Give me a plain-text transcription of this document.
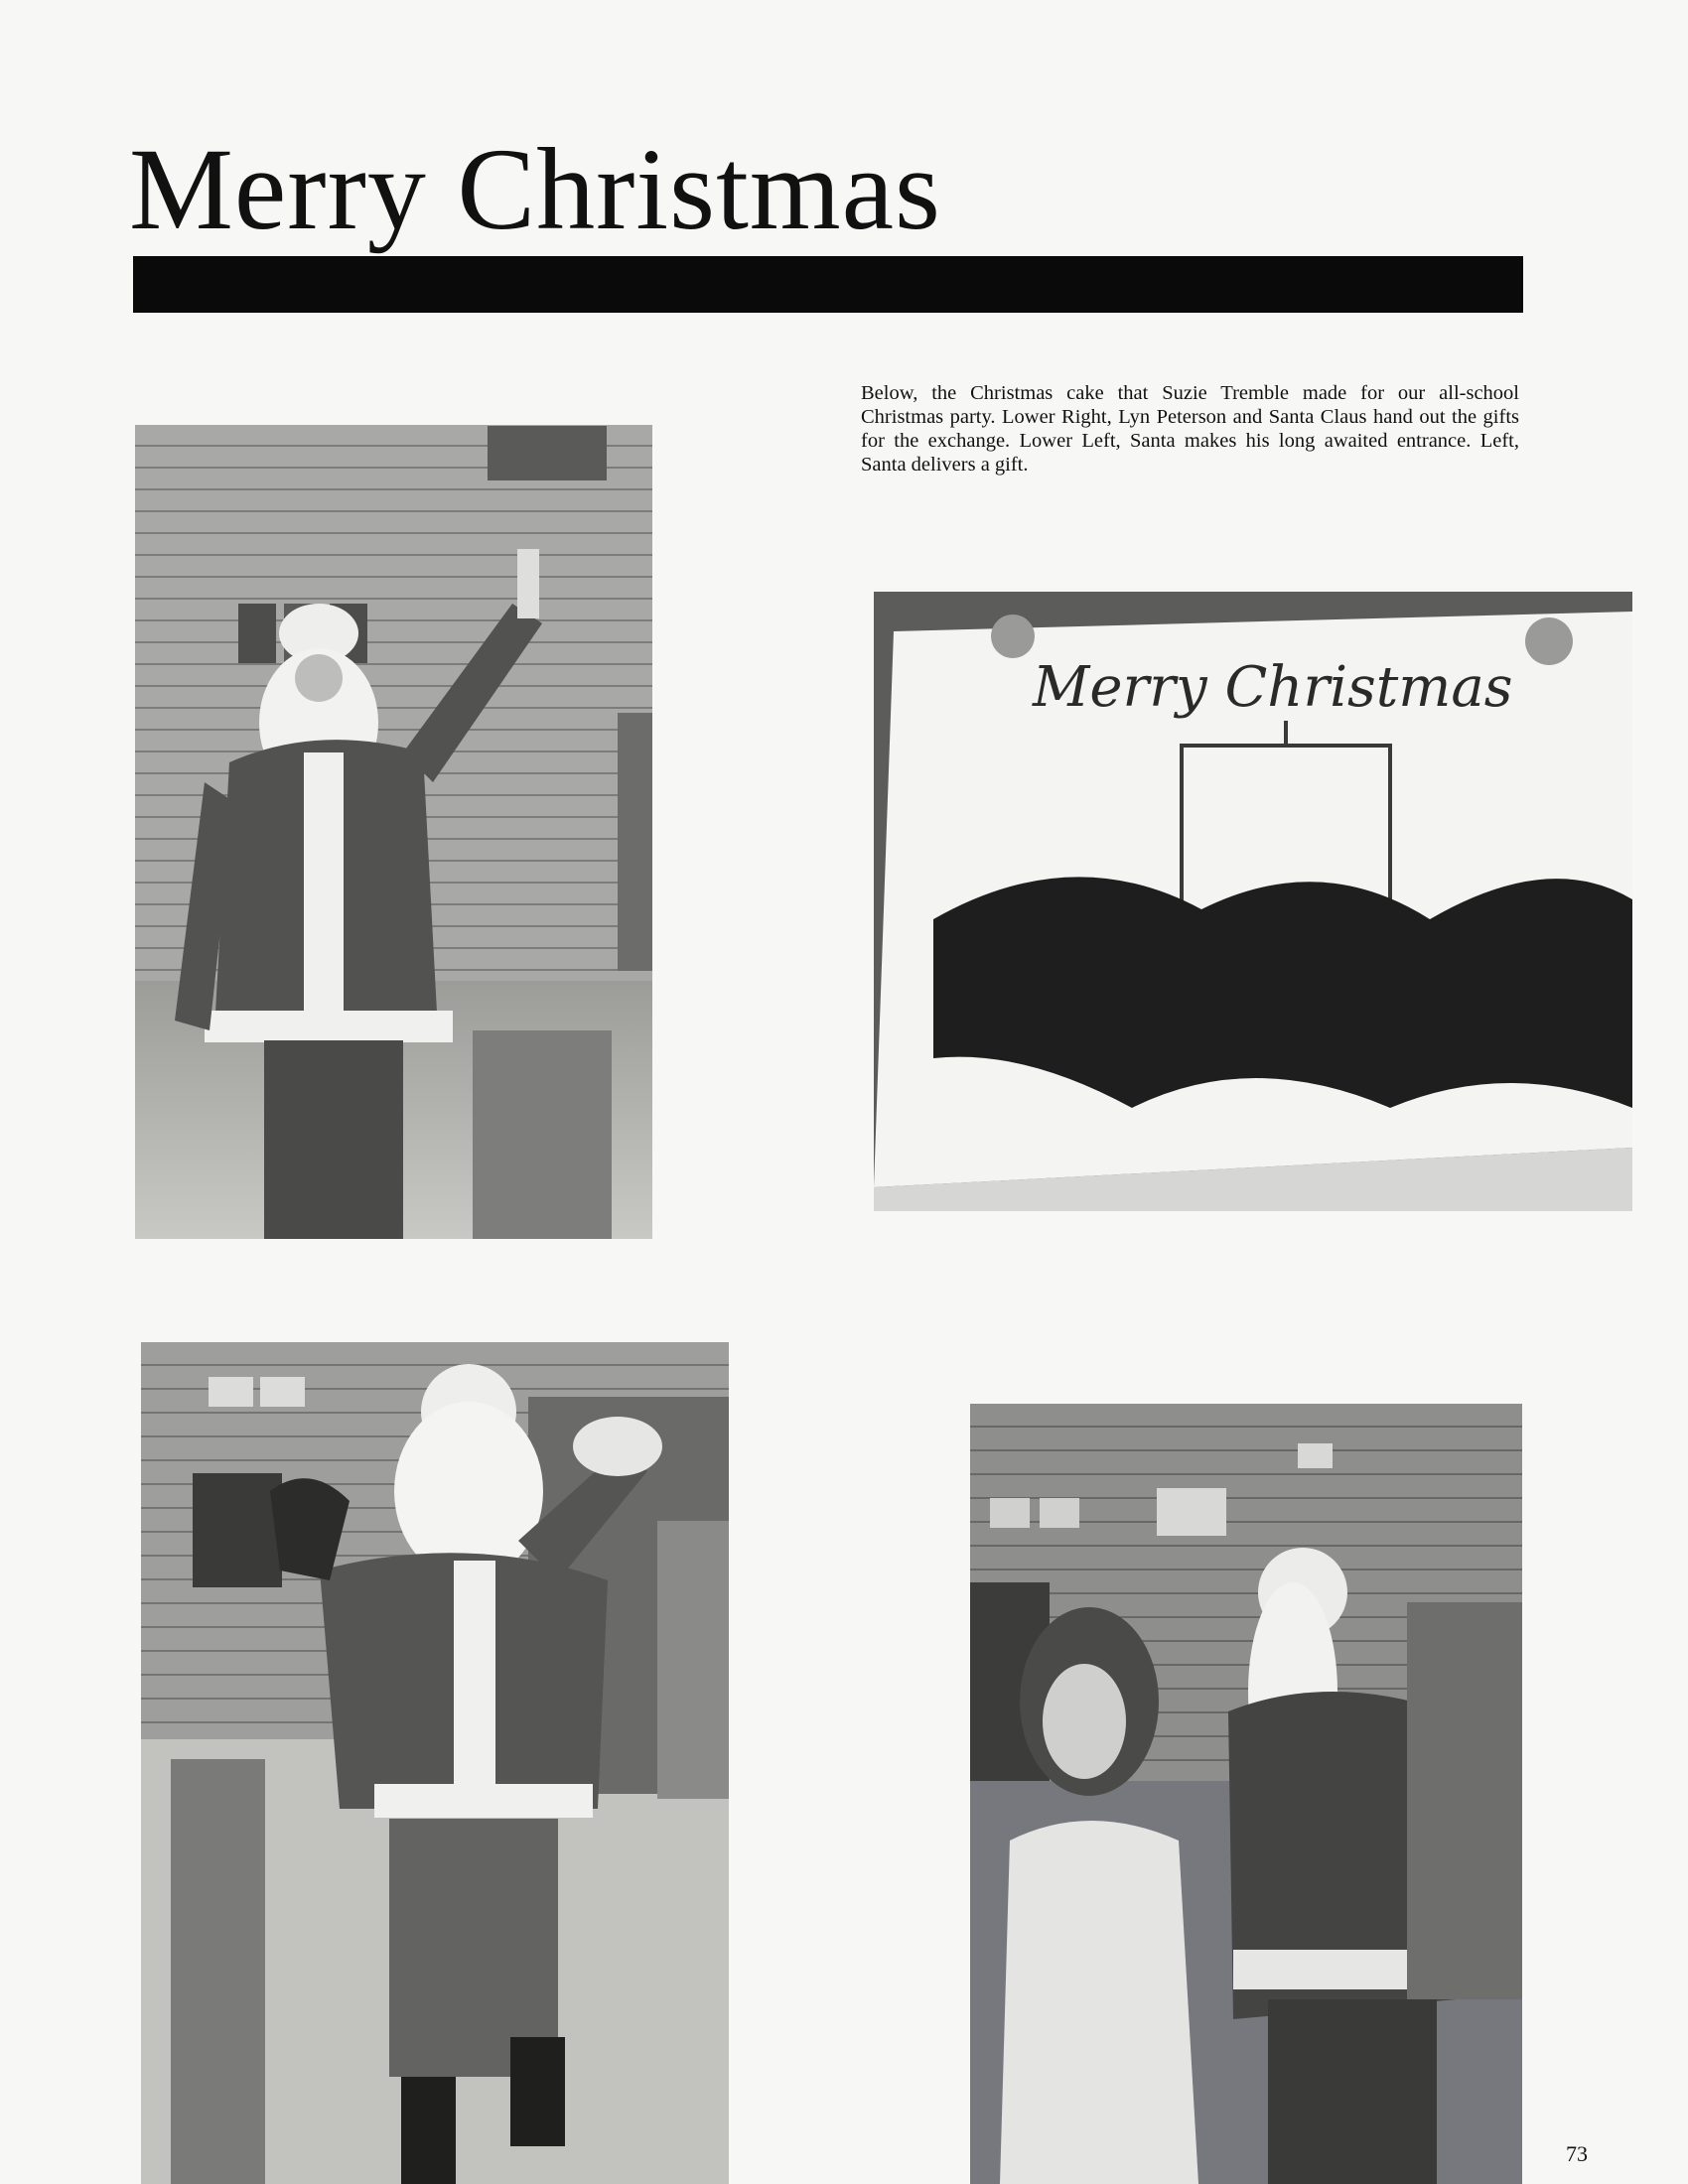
Merry Christmas

Below, the Christmas cake that Suzie Tremble made for our all-school Christmas party. Lower Right, Lyn Peterson and Santa Claus hand out the gifts for the exchange. Lower Left, Santa makes his long awaited entrance. Left, Santa delivers a gift.

Merry Christmas
73
